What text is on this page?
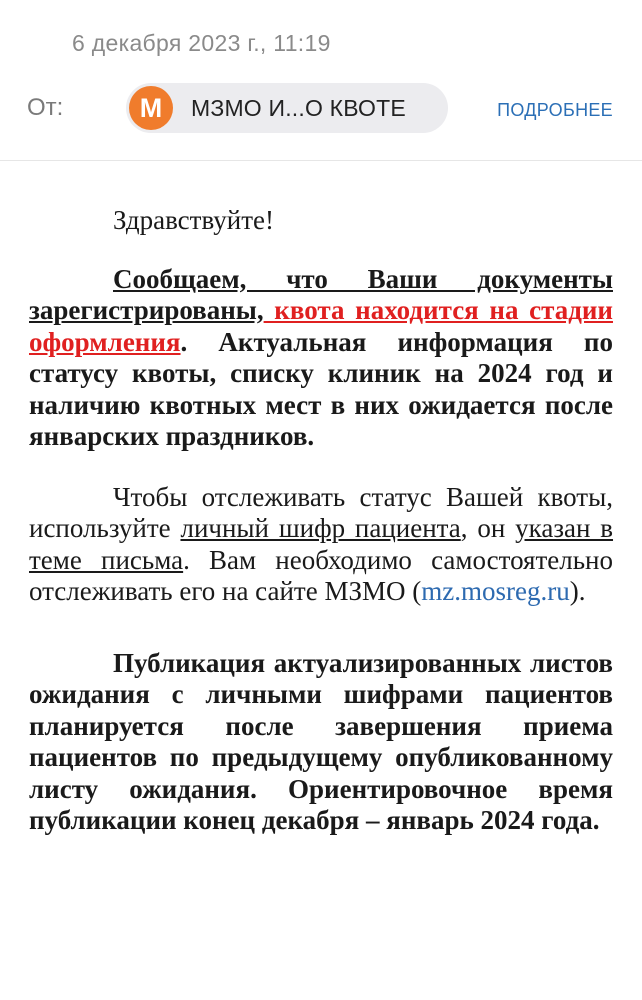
6 декабря 2023 г., 11:19
От:	М	МЗМО И...О КВОТЕ	ПОДРОБНЕЕ

Здравствуйте!

Сообщаем, что Ваши документы зарегистрированы, квота находится на стадии оформления. Актуальная информация по статусу квоты, списку клиник на 2024 год и наличию квотных мест в них ожидается после январских праздников.

Чтобы отслеживать статус Вашей квоты, используйте личный шифр пациента, он указан в теме письма. Вам необходимо самостоятельно отслеживать его на сайте МЗМО (mz.mosreg.ru).

Публикация актуализированных листов ожидания с личными шифрами пациентов планируется после завершения приема пациентов по предыдущему опубликованному листу ожидания. Ориентировочное время публикации конец декабря – январь 2024 года.
